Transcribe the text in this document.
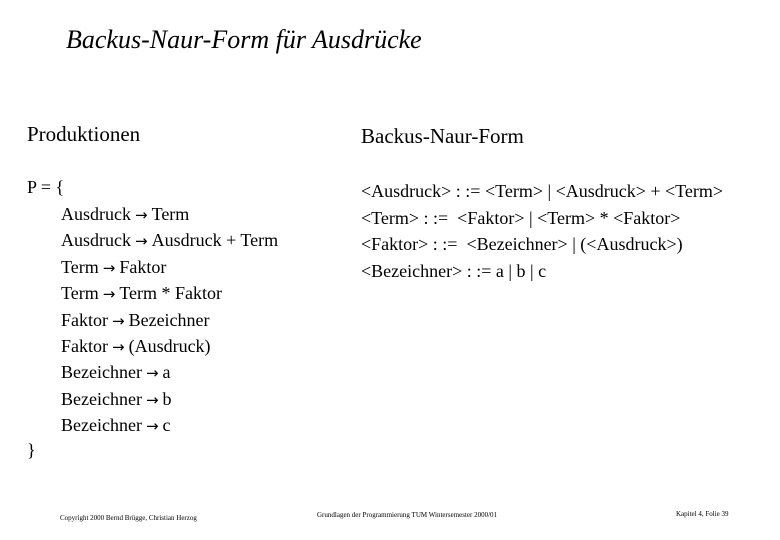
Backus-Naur-Form für Ausdrücke
Produktionen	Backus-Naur-Form
P = {
Ausdruck → Term
Ausdruck → Ausdruck + Term
Term → Faktor
Term → Term * Faktor
Faktor → Bezeichner
Faktor → (Ausdruck)
Bezeichner → a
Bezeichner → b
Bezeichner → c
}
<Ausdruck> : := <Term> | <Ausdruck> + <Term>
<Term> : :=  <Faktor> | <Term> * <Faktor>
<Faktor> : :=  <Bezeichner> | (<Ausdruck>)
<Bezeichner> : := a | b | c
Copyright 2000 Bernd Brügge, Christian Herzog	Grundlagen der Programmierung TUM Wintersemester 2000/01	Kapitel 4, Folie 39
